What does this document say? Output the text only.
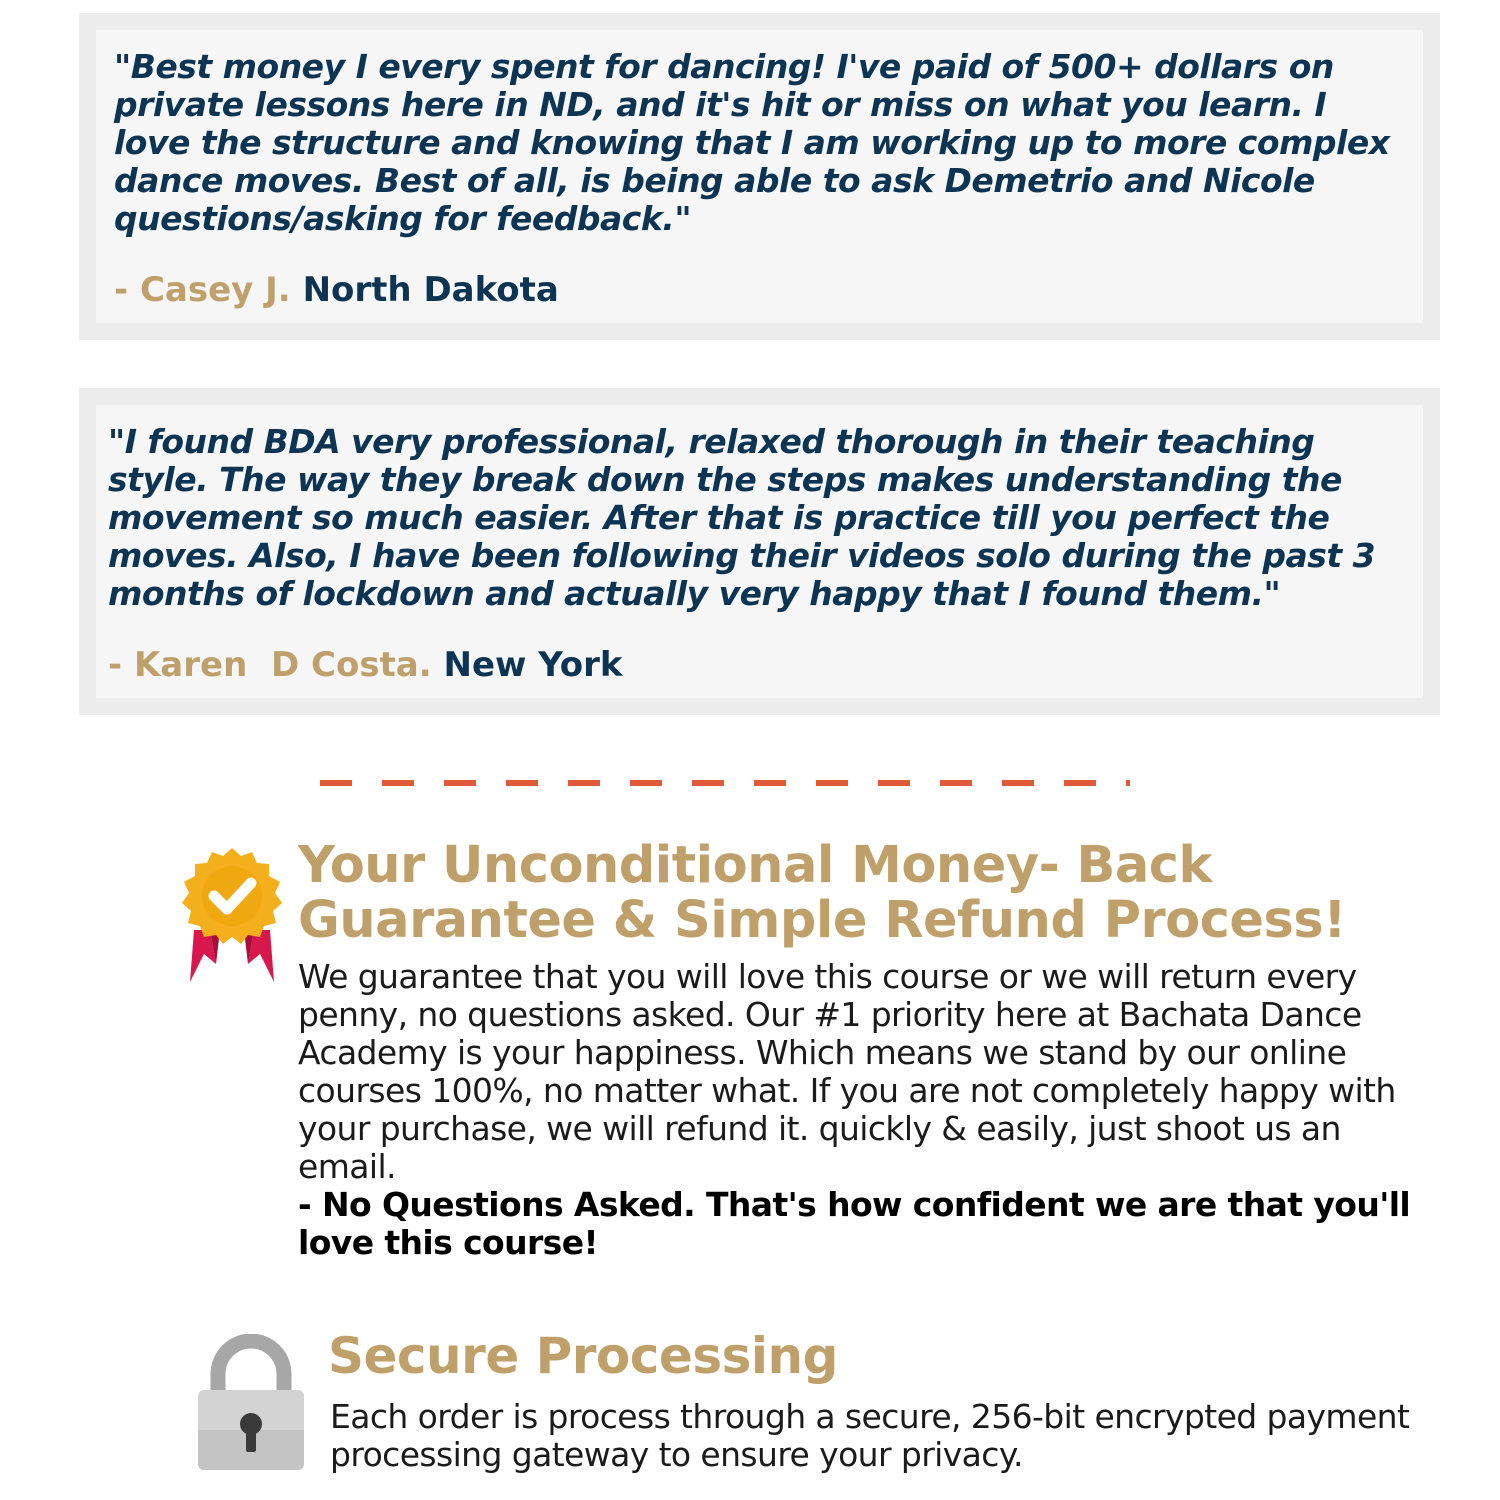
"Best money I every spent for dancing! I've paid of 500+ dollars on private lessons here in ND, and it's hit or miss on what you learn. I love the structure and knowing that I am working up to more complex dance moves. Best of all, is being able to ask Demetrio and Nicole questions/asking for feedback."

- Casey J. North Dakota

"I found BDA very professional, relaxed thorough in their teaching style. The way they break down the steps makes understanding the movement so much easier. After that is practice till you perfect the moves. Also, I have been following their videos solo during the past 3 months of lockdown and actually very happy that I found them."

- Karen  D Costa. New York

Your Unconditional Money- Back Guarantee & Simple Refund Process!

We guarantee that you will love this course or we will return every penny, no questions asked. Our #1 priority here at Bachata Dance Academy is your happiness. Which means we stand by our online courses 100%, no matter what. If you are not completely happy with your purchase, we will refund it. quickly & easily, just shoot us an email.
- No Questions Asked. That's how confident we are that you'll love this course!

Secure Processing

Each order is process through a secure, 256-bit encrypted payment processing gateway to ensure your privacy.
